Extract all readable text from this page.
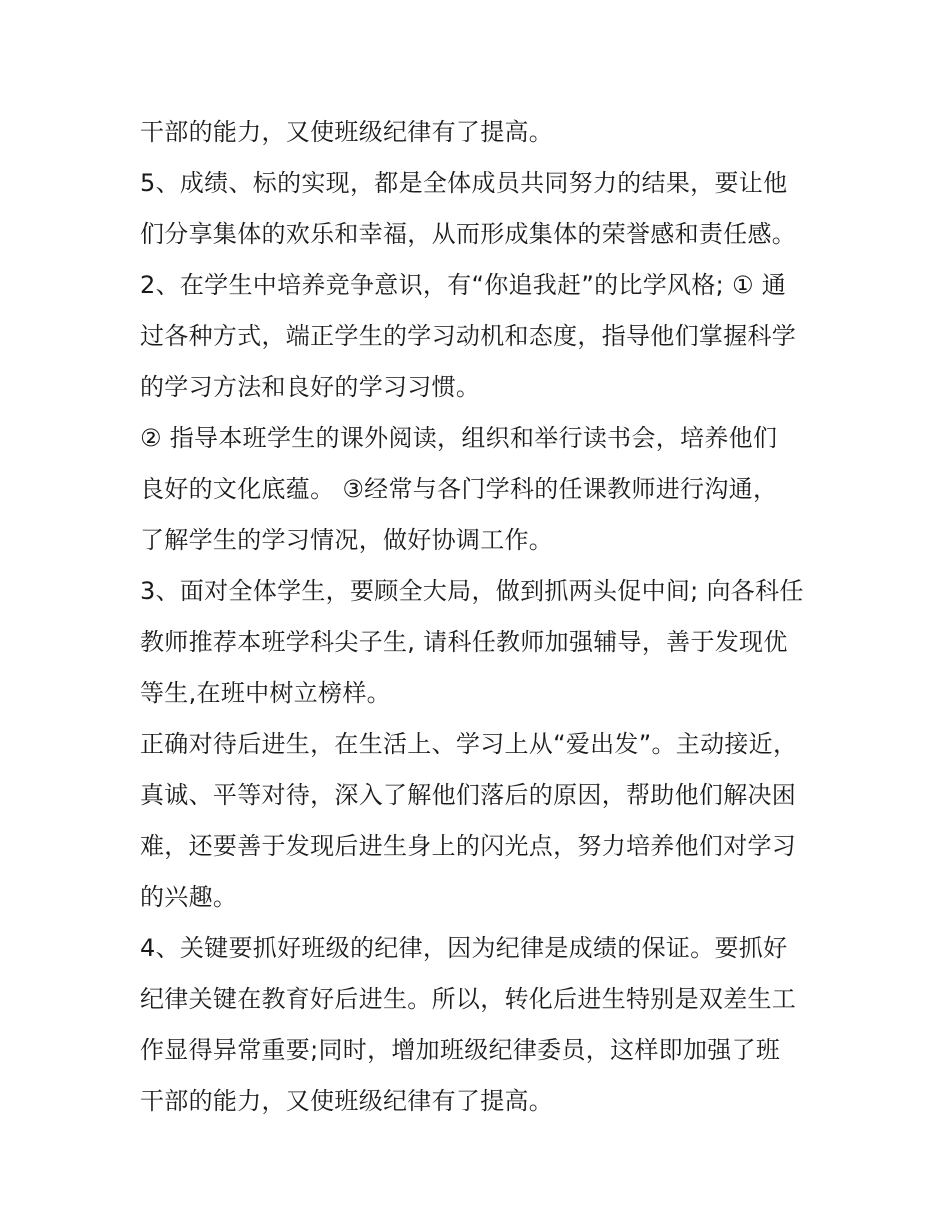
干部的能力，又使班级纪律有了提高。
5、成绩、标的实现，都是全体成员共同努力的结果，要让他
们分享集体的欢乐和幸福，从而形成集体的荣誉感和责任感。
2、在学生中培养竞争意识，有“你追我赶”的比学风格; ① 通
过各种方式，端正学生的学习动机和态度，指导他们掌握科学
的学习方法和良好的学习习惯。
② 指导本班学生的课外阅读，组织和举行读书会，培养他们
良好的文化底蕴。 ③经常与各门学科的任课教师进行沟通，
了解学生的学习情况，做好协调工作。
3、面对全体学生，要顾全大局，做到抓两头促中间; 向各科任
教师推荐本班学科尖子生, 请科任教师加强辅导，善于发现优
等生,在班中树立榜样。
正确对待后进生，在生活上、学习上从“爱出发”。主动接近，
真诚、平等对待，深入了解他们落后的原因，帮助他们解决困
难，还要善于发现后进生身上的闪光点，努力培养他们对学习
的兴趣。
4、关键要抓好班级的纪律，因为纪律是成绩的保证。要抓好
纪律关键在教育好后进生。所以，转化后进生特别是双差生工
作显得异常重要;同时，增加班级纪律委员，这样即加强了班
干部的能力，又使班级纪律有了提高。
